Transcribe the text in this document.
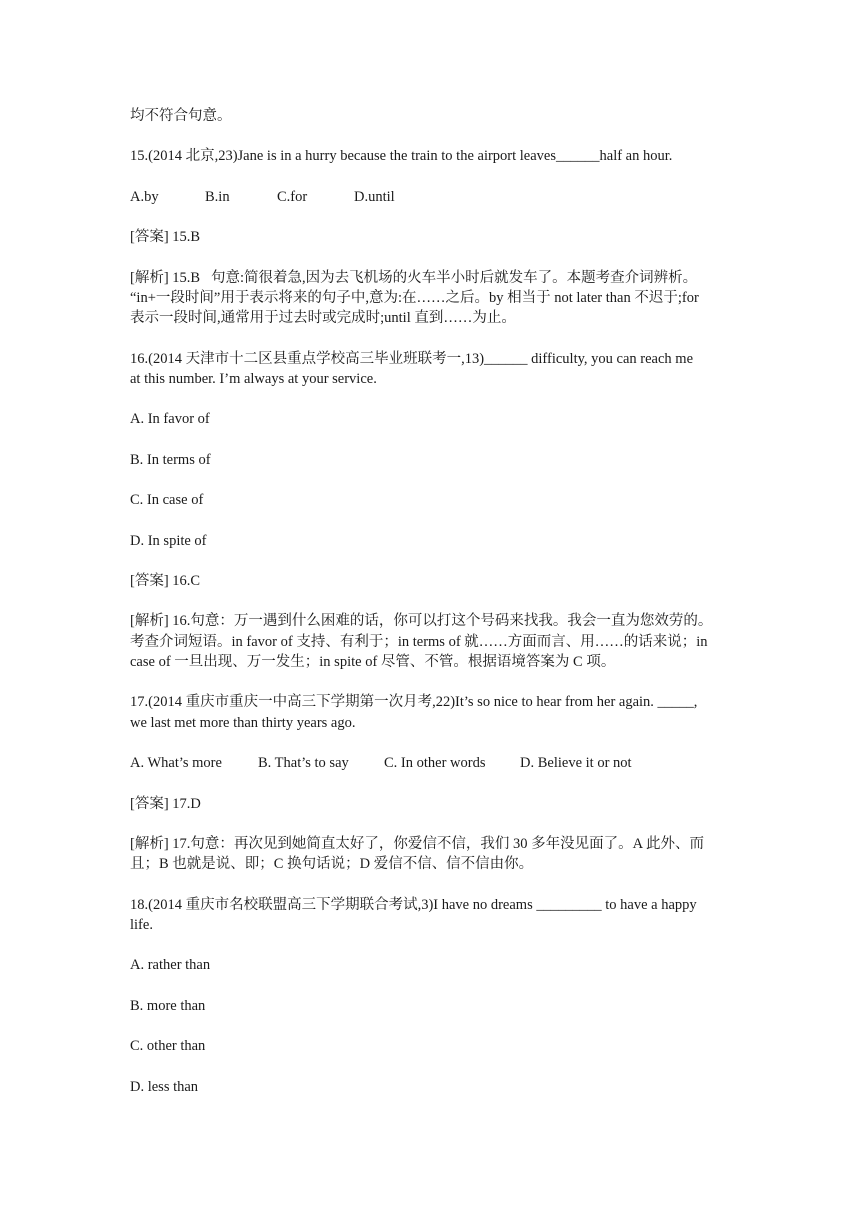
均不符合句意。
15.(2014 北京,23)Jane is in a hurry because the train to the airport leaves______half an hour.
A.by	B.in	C.for	D.until
[答案] 15.B
[解析] 15.B   句意:简很着急,因为去飞机场的火车半小时后就发车了。本题考查介词辨析。
“in+一段时间”用于表示将来的句子中,意为:在……之后。by 相当于 not later than 不迟于;for
表示一段时间,通常用于过去时或完成时;until 直到……为止。
16.(2014 天津市十二区县重点学校高三毕业班联考一,13)______ difficulty, you can reach me
at this number. I’m always at your service.
A. In favor of
B. In terms of
C. In case of
D. In spite of
[答案] 16.C
[解析] 16.句意：万一遇到什么困难的话，你可以打这个号码来找我。我会一直为您效劳的。
考查介词短语。in favor of 支持、有利于；in terms of 就……方面而言、用……的话来说；in
case of 一旦出现、万一发生；in spite of 尽管、不管。根据语境答案为 C 项。
17.(2014 重庆市重庆一中高三下学期第一次月考,22)It’s so nice to hear from her again. _____,
we last met more than thirty years ago.
A. What’s more B. That’s to say C. In other words D. Believe it or not
[答案] 17.D
[解析] 17.句意：再次见到她简直太好了，你爱信不信，我们 30 多年没见面了。A 此外、而
且；B 也就是说、即；C 换句话说；D 爱信不信、信不信由你。
18.(2014 重庆市名校联盟高三下学期联合考试,3)I have no dreams _________ to have a happy
life.
A. rather than
B. more than
C. other than
D. less than
